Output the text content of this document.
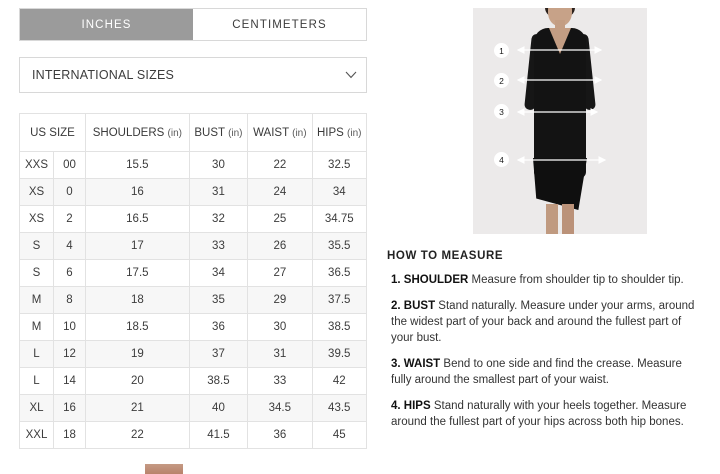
INCHES	CENTIMETERS
INTERNATIONAL SIZES
US SIZE		SHOULDERS (in)	BUST (in)	WAIST (in)	HIPS (in)
XXS	00	15.5	30	22	32.5
XS	0	16	31	24	34
XS	2	16.5	32	25	34.75
S	4	17	33	26	35.5
S	6	17.5	34	27	36.5
M	8	18	35	29	37.5
M	10	18.5	36	30	38.5
L	12	19	37	31	39.5
L	14	20	38.5	33	42
XL	16	21	40	34.5	43.5
XXL	18	22	41.5	36	45
1
2
3
4
HOW TO MEASURE
1. SHOULDER Measure from shoulder tip to shoulder tip.
2. BUST Stand naturally. Measure under your arms, around the widest part of your back and around the fullest part of your bust.
3. WAIST Bend to one side and find the crease. Measure fully around the smallest part of your waist.
4. HIPS Stand naturally with your heels together. Measure around the fullest part of your hips across both hip bones.
